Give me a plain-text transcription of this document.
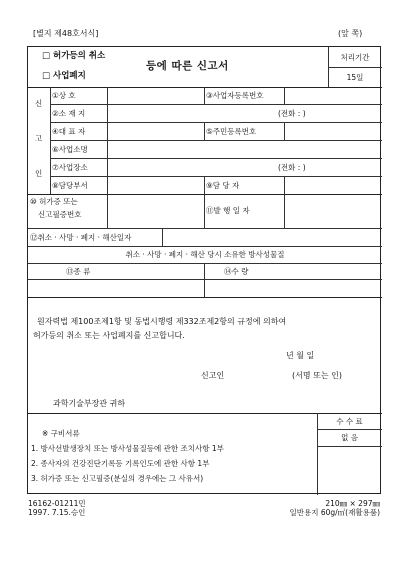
[별지 제48호서식]	(앞 쪽)
□ 허가등의 취소
□ 사업폐지
등에 따른 신고서
처리기간
15일
신
고
인
①상 호	③사업자등록번호
②소 재 지	(전화 : )
④대 표 자	⑤주민등록번호
⑥사업소명
⑦사업장소	(전화 : )
⑧담당부서	⑨담 당 자
⑩ 허가증 또는
신고필증번호	⑪발 행 일 자
⑫취소 · 사망 · 폐지 · 해산일자
취소 · 사망 · 폐지 · 해산 당시 소유한 방사성물질
⑬종 류	⑭수 량
원자력법 제100조제1항 및 동법시행령 제332조제2항의 규정에 의하여
허가등의 취소 또는 사업폐지를 신고합니다.
년 월 일
신고인	(서명 또는 인)
과학기술부장관 귀하
수 수 료
없 음
※ 구비서류
1. 방사선발생장치 또는 방사성물질등에 관한 조치사항 1부
2. 종사자의 건강진단기록등 기록인도에 관한 사항 1부
3. 허가증 또는 신고필증(분실의 경우에는 그 사유서)
16162-01211민
1997. 7.15.승인
210㎜ × 297㎜
일반용지 60g/㎡(재활용품)
